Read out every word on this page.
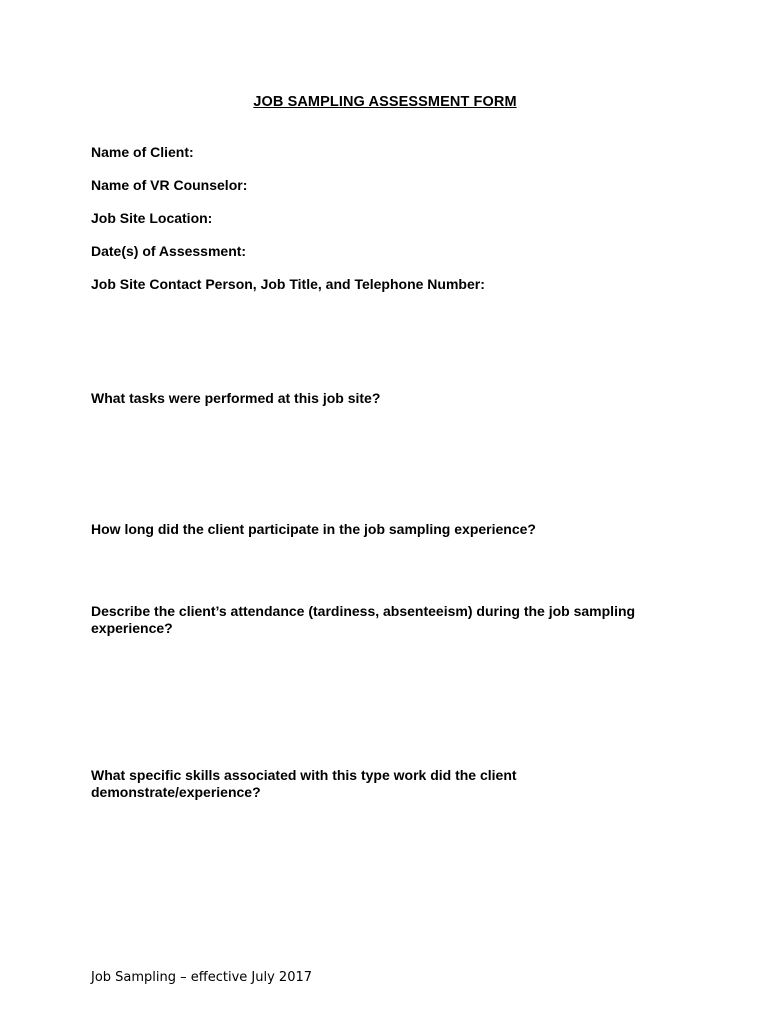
JOB SAMPLING ASSESSMENT FORM
Name of Client:
Name of VR Counselor:
Job Site Location:
Date(s) of Assessment:
Job Site Contact Person, Job Title, and Telephone Number:
What tasks were performed at this job site?
How long did the client participate in the job sampling experience?
Describe the client’s attendance (tardiness, absenteeism) during the job sampling
experience?
What specific skills associated with this type work did the client
demonstrate/experience?
Job Sampling – effective July 2017
